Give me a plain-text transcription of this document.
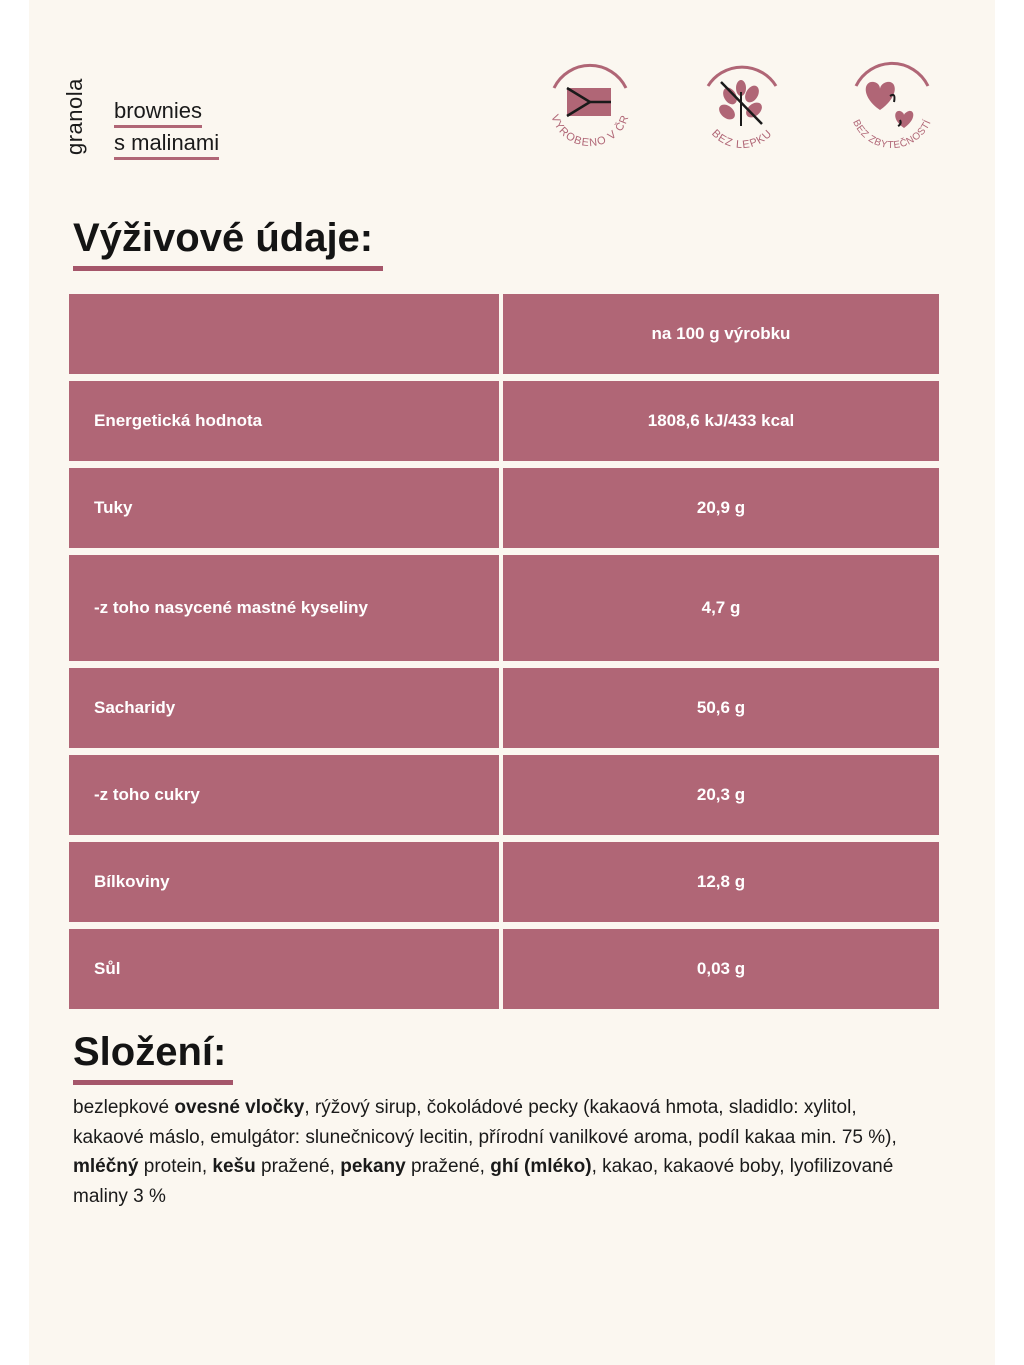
granola brownies
s malinami
VYROBENO V ČR
BEZ LEPKU
BEZ ZBYTEČNOSTÍ
Výživové údaje:
	na 100 g výrobku
Energetická hodnota	1808,6 kJ/433 kcal
Tuky	20,9 g
-z toho nasycené mastné kyseliny	4,7 g
Sacharidy	50,6 g
-z toho cukry	20,3 g
Bílkoviny	12,8 g
Sůl	0,03 g
Složení:
bezlepkové ovesné vločky, rýžový sirup, čokoládové pecky (kakaová hmota, sladidlo: xylitol, kakaové máslo, emulgátor: slunečnicový lecitin, přírodní vanilkové aroma, podíl kakaa min. 75 %), mléčný protein, kešu pražené, pekany pražené, ghí (mléko), kakao, kakaové boby, lyofilizované maliny 3 %
